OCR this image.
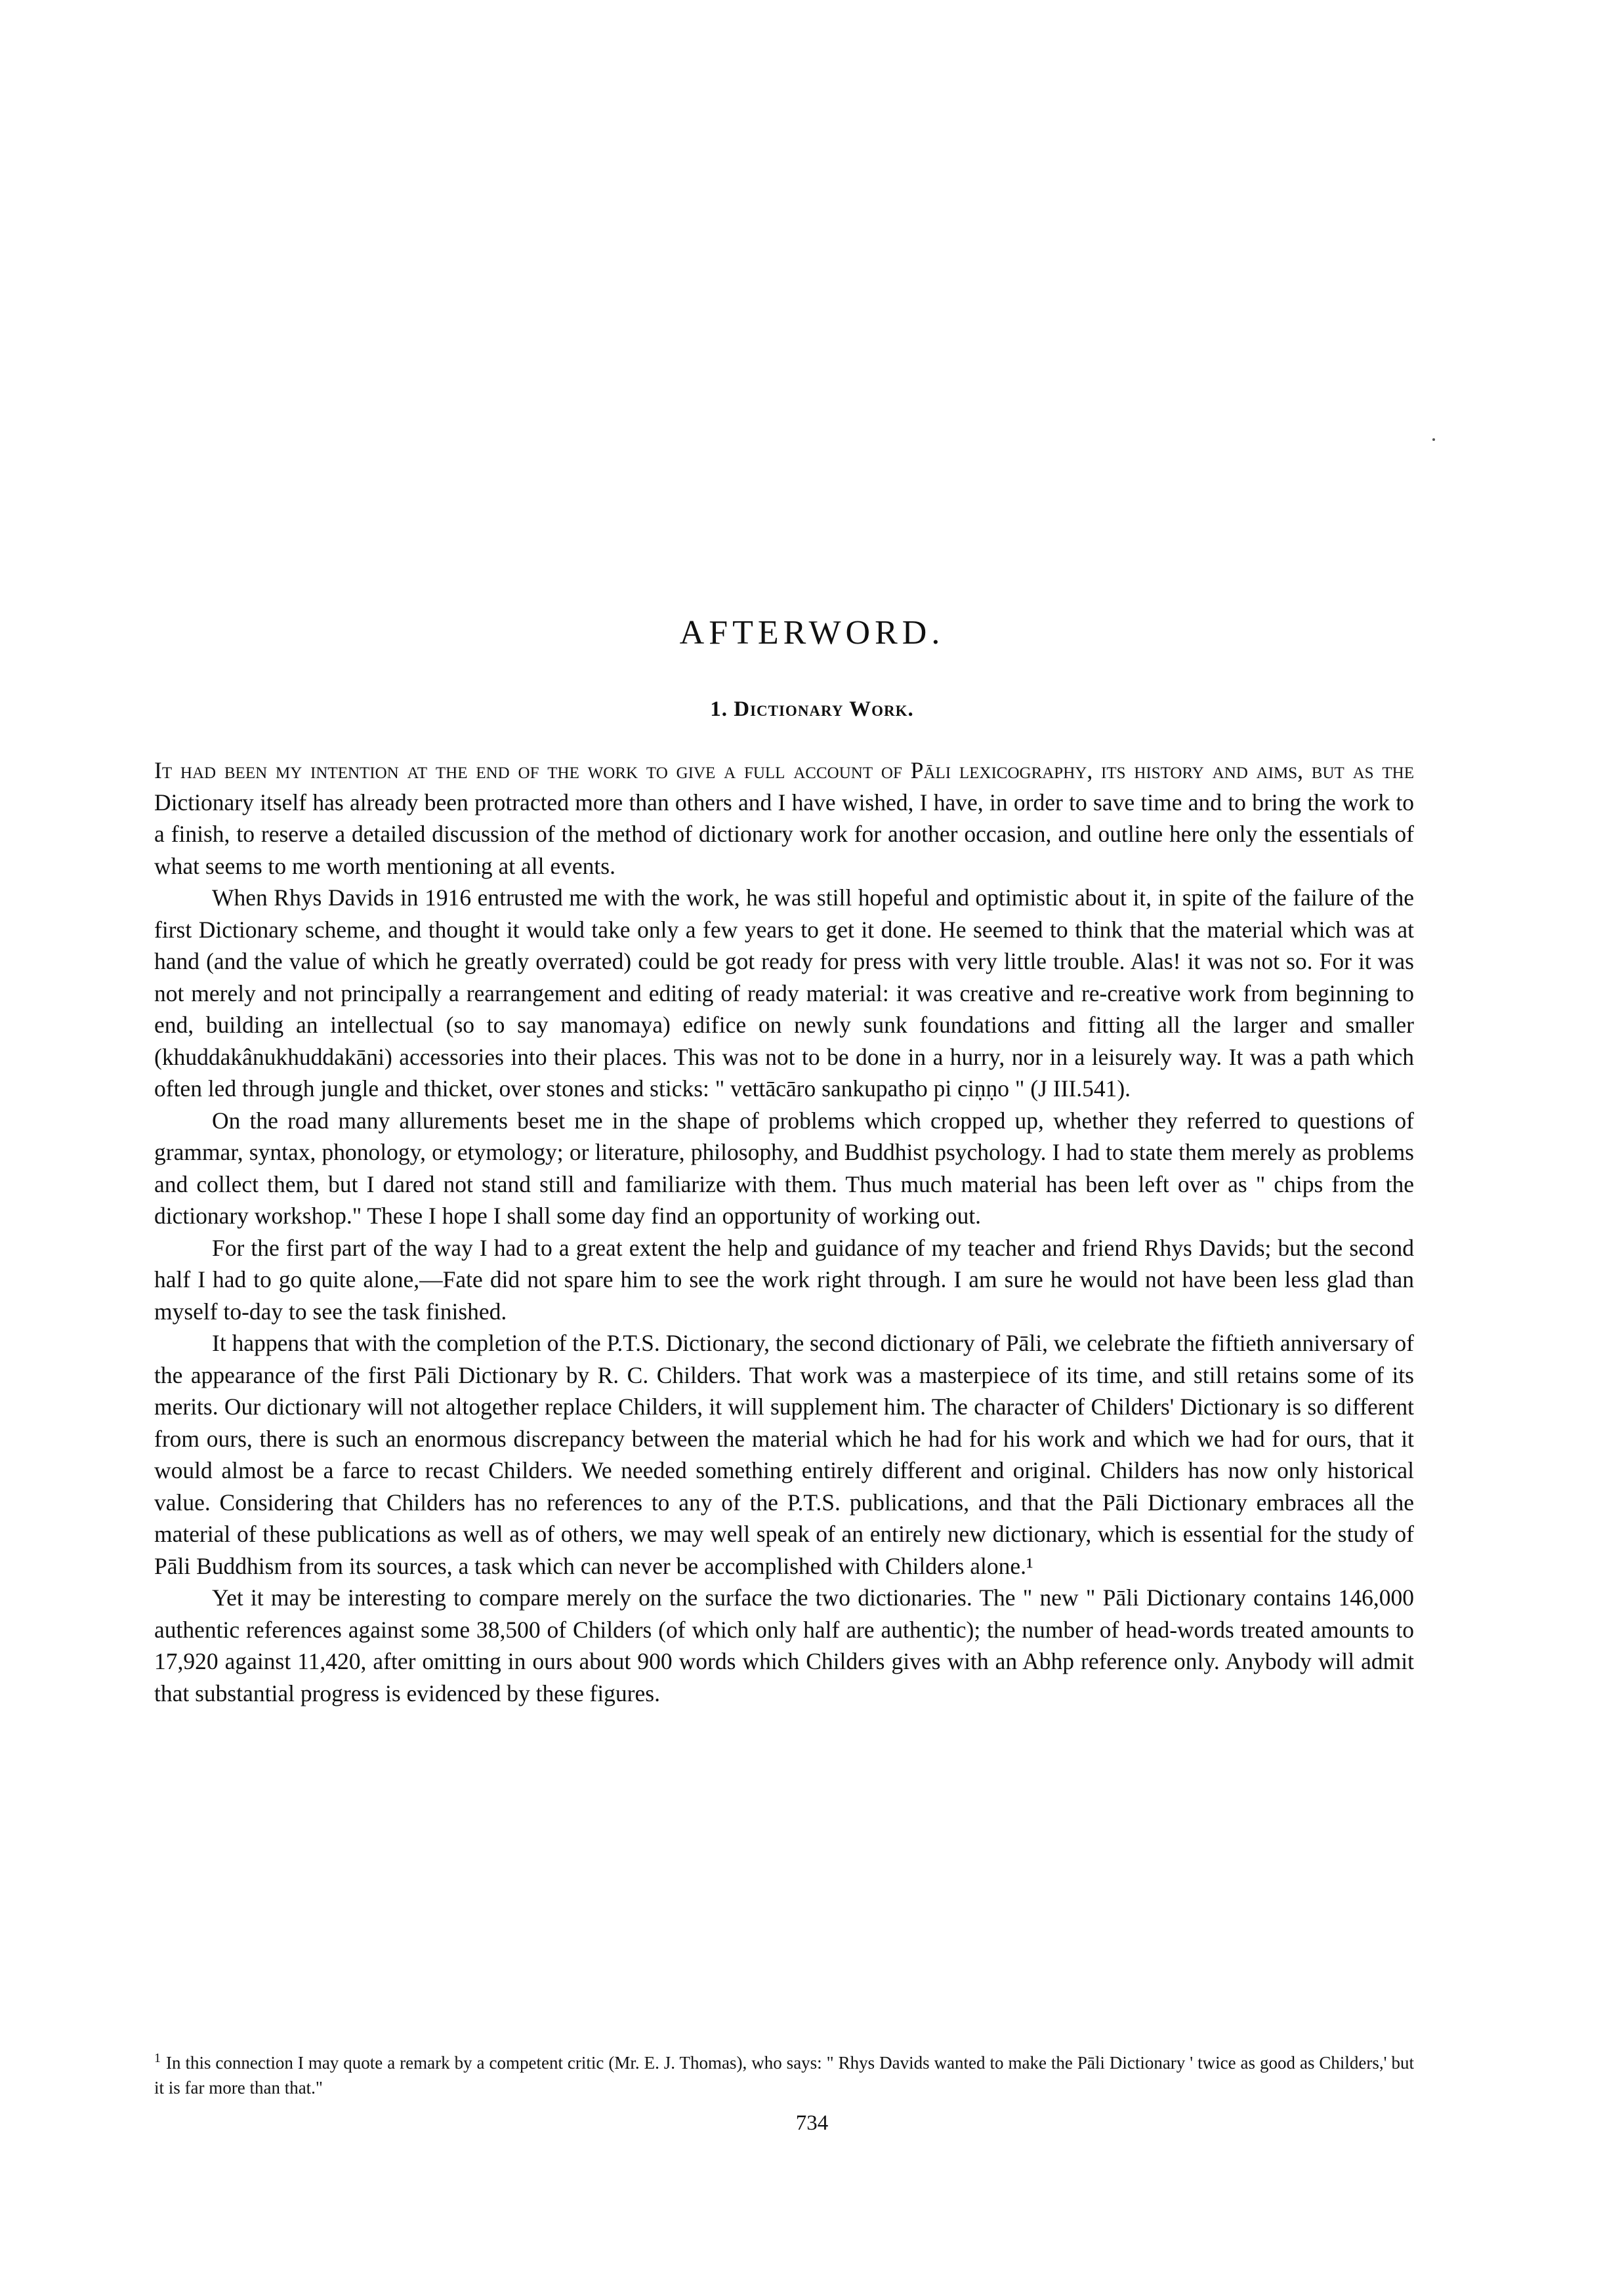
AFTERWORD.
1. Dictionary Work.

It had been my intention at the end of the work to give a full account of Pāli lexicography, its history and aims, but as the Dictionary itself has already been protracted more than others and I have wished, I have, in order to save time and to bring the work to a finish, to reserve a detailed discussion of the method of dictionary work for another occasion, and outline here only the essentials of what seems to me worth mentioning at all events.

When Rhys Davids in 1916 entrusted me with the work, he was still hopeful and optimistic about it, in spite of the failure of the first Dictionary scheme, and thought it would take only a few years to get it done. He seemed to think that the material which was at hand (and the value of which he greatly overrated) could be got ready for press with very little trouble. Alas! it was not so. For it was not merely and not principally a rearrangement and editing of ready material: it was creative and re-creative work from beginning to end, building an intellectual (so to say manomaya) edifice on newly sunk foundations and fitting all the larger and smaller (khuddakânukhuddakāni) accessories into their places. This was not to be done in a hurry, nor in a leisurely way. It was a path which often led through jungle and thicket, over stones and sticks: " vettācāro sankupatho pi ciṇṇo " (J III.541).

On the road many allurements beset me in the shape of problems which cropped up, whether they referred to questions of grammar, syntax, phonology, or etymology; or literature, philosophy, and Buddhist psychology. I had to state them merely as problems and collect them, but I dared not stand still and familiarize with them. Thus much material has been left over as " chips from the dictionary workshop." These I hope I shall some day find an opportunity of working out.

For the first part of the way I had to a great extent the help and guidance of my teacher and friend Rhys Davids; but the second half I had to go quite alone,—Fate did not spare him to see the work right through. I am sure he would not have been less glad than myself to-day to see the task finished.

It happens that with the completion of the P.T.S. Dictionary, the second dictionary of Pāli, we celebrate the fiftieth anniversary of the appearance of the first Pāli Dictionary by R. C. Childers. That work was a masterpiece of its time, and still retains some of its merits. Our dictionary will not altogether replace Childers, it will supplement him. The character of Childers' Dictionary is so different from ours, there is such an enormous discrepancy between the material which he had for his work and which we had for ours, that it would almost be a farce to recast Childers. We needed something entirely different and original. Childers has now only historical value. Considering that Childers has no references to any of the P.T.S. publications, and that the Pāli Dictionary embraces all the material of these publications as well as of others, we may well speak of an entirely new dictionary, which is essential for the study of Pāli Buddhism from its sources, a task which can never be accomplished with Childers alone.¹

Yet it may be interesting to compare merely on the surface the two dictionaries. The " new " Pāli Dictionary contains 146,000 authentic references against some 38,500 of Childers (of which only half are authentic); the number of head-words treated amounts to 17,920 against 11,420, after omitting in ours about 900 words which Childers gives with an Abhp reference only. Anybody will admit that substantial progress is evidenced by these figures.

$^1$ In this connection I may quote a remark by a competent critic (Mr. E. J. Thomas), who says: " Rhys Davids wanted to make the Pāli Dictionary ' twice as good as Childers,' but it is far more than that."
734
